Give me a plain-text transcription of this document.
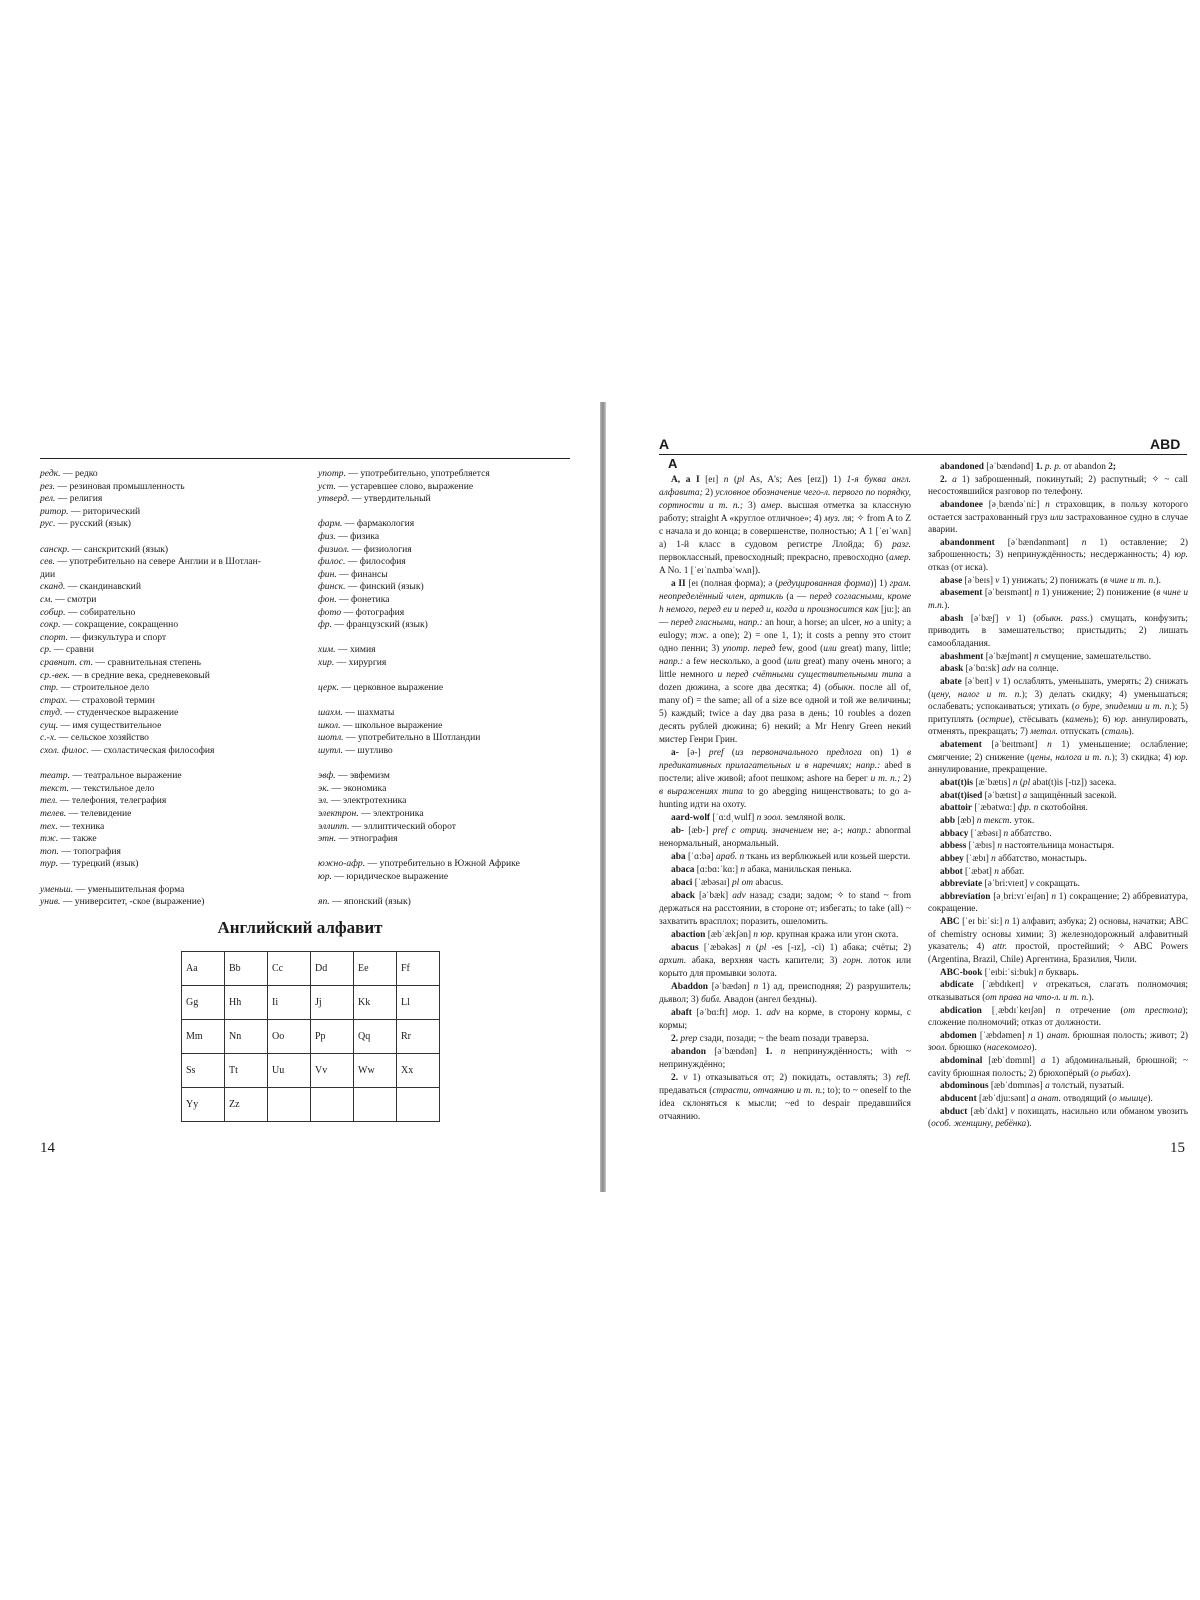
редк. — редко
рез. — резиновая промышленность
рел. — религия
ритор. — риторический
рус. — русский (язык)
санскр. — санскритский (язык)
сев. — употребительно на севере Англии и в Шотлан-
дии
сканд. — скандинавский
см. — смотри
собир. — собирательно
сокр. — сокращение, сокращенно
спорт. — физкультура и спорт
ср. — сравни
сравнит. ст. — сравнительная степень
ср.-век. — в средние века, средневековый
стр. — строительное дело
страх. — страховой термин
студ. — студенческое выражение
сущ. — имя существительное
с.-х. — сельское хозяйство
схол. филос. — схоластическая философия
театр. — театральное выражение
текст. — текстильное дело
тел. — телефония, телеграфия
телев. — телевидение
тех. — техника
тж. — также
топ. — топография
тур. — турецкий (язык)
уменьш. — уменьшительная форма
унив. — университет, -ское (выражение)
употр. — употребительно, употребляется
уст. — устаревшее слово, выражение
утверд. — утвердительный
фарм. — фармакология
физ. — физика
физиол. — физиология
филос. — философия
фин. — финансы
финск. — финский (язык)
фон. — фонетика
фото — фотография
фр. — французский (язык)
хим. — химия
хир. — хирургия
церк. — церковное выражение
шахм. — шахматы
школ. — школьное выражение
шотл. — употребительно в Шотландии
шутл. — шутливо
эвф. — эвфемизм
эк. — экономика
эл. — электротехника
электрон. — электроника
эллипт. — эллиптический оборот
этн. — этнография
южно-афр. — употребительно в Южной Африке
юр. — юридическое выражение
яп. — японский (язык)
Английский алфавит
Aa	Bb	Cc	Dd	Ee	Ff
Gg	Hh	Ii	Jj	Kk	Ll
Mm	Nn	Oo	Pp	Qq	Rr
Ss	Tt	Uu	Vv	Ww	Xx
Yy	Zz				
14
A	ABD
A

A, a I [eɪ] n (pl As, A's; Aes [eɪz]) 1) 1-я буква англ. алфавита; 2) условное обозначение чего-л. первого по порядку, сортности и т. п.; 3) амер. высшая отметка за классную работу; straight A «круглое отличное»; 4) муз. ля; ✧ from A to Z с начала и до конца; в совершенстве, полностью; A 1 [ˈeɪˈwʌn] а) 1-й класс в судовом регистре Ллойда; б) разг. первоклассный, превосходный; прекрасно, превосходно (амер. A No. 1 [ˈeɪˈnʌmbəˈwʌn]).

a II [eɪ (полная форма); ə (редуцированная форма)] 1) грам. неопределённый член, артикль (a — перед согласными, кроме h немого, перед eu и перед u, когда u произносится как [ju:]; an — перед гласными, напр.: an hour, a horse; an ulcer, но a unity; a eulogy; тж. a one); 2) = one 1, 1); it costs a penny это стоит одно пенни; 3) употр. перед few, good (или great) many, little; напр.: a few несколько, a good (или great) many очень много; a little немного и перед счётными существительными типа a dozen дюжина, a score два десятка; 4) (обыкн. после all of, many of) = the same; all of a size все одной и той же величины; 5) каждый; twice a day два раза в день; 10 roubles a dozen десять рублей дюжина; 6) некий; a Mr Henry Green некий мистер Генри Грин.

a- [ə-] pref (из первоначального предлога on) 1) в предикативных прилагательных и в наречиях; напр.: abed в постели; alive живой; afoot пешком; ashore на берег и т. п.; 2) в выражениях типа to go abegging нищенствовать; to go a-hunting идти на охоту.

aard-wolf [ˈɑ:dˌwulf] n зоол. земляной волк.

ab- [æb-] pref с отриц. значением не; а-; напр.: abnormal ненормальный, анормальный.

aba [ˈɑ:bə] араб. n ткань из верблюжьей или козьей шерсти.

abaca [ɑ:bɑ:ˈkɑ:] n абака, манильская пенька.

abaci [ˈæbəsaɪ] pl от abacus.

aback [əˈbæk] adv назад; сзади; задом; ✧ to stand ~ from держаться на расстоянии, в стороне от; избегать; to take (all) ~ захватить врасплох; поразить, ошеломить.

abaction [æbˈækʃən] n юр. крупная кража или угон скота.

abacus [ˈæbəkəs] n (pl -es [-ɪz], -ci) 1) абака; счёты; 2) архит. абака, верхняя часть капители; 3) горн. лоток или корыто для промывки золота.

Abaddon [əˈbædən] n 1) ад, преисподняя; 2) разрушитель; дьявол; 3) библ. Авадон (ангел бездны).

abaft [əˈbɑ:ft] мор. 1. adv на корме, в сторону кормы, с кормы;

2. prep сзади, позади; ~ the beam позади траверза.

abandon [əˈbændən] 1. n непринуждённость; with ~ непринуждённо;

2. v 1) отказываться от; 2) покидать, оставлять; 3) refl. предаваться (страсти, отчаянию и т. п.; to); to ~ oneself to the idea склоняться к мысли; ~ed to despair предавшийся отчаянию.

abandoned [əˈbændənd] 1. p. p. от abandon 2;

2. a 1) заброшенный, покинутый; 2) распутный; ✧ ~ call несостоявшийся разговор по телефону.

abandonee [əˌbændəˈni:] n страховщик, в пользу которого остается застрахованный груз или застрахованное судно в случае аварии.

abandonment [əˈbændənmənt] n 1) оставление; 2) заброшенность; 3) непринуждённость; несдержанность; 4) юр. отказ (от иска).

abase [əˈbeɪs] v 1) унижать; 2) понижать (в чине и т. п.).

abasement [əˈbeɪsmənt] n 1) унижение; 2) понижение (в чине и т.п.).

abash [əˈbæʃ] v 1) (обыкн. pass.) смущать, конфузить; приводить в замешательство; пристыдить; 2) лишать самообладания.

abashment [əˈbæʃmənt] n смущение, замешательство.

abask [əˈbɑ:sk] adv на солнце.

abate [əˈbeɪt] v 1) ослаблять, уменьшать, умерять; 2) снижать (цену, налог и т. п.); 3) делать скидку; 4) уменьшаться; ослабевать; успокаиваться; утихать (о буре, эпидемии и т. п.); 5) притуплять (острие), стёсывать (камень); 6) юр. аннулировать, отменять, прекращать; 7) метал. отпускать (сталь).

abatement [əˈbeɪtmənt] n 1) уменьшение; ослабление; смягчение; 2) снижение (цены, налога и т. п.); 3) скидка; 4) юр. аннулирование, прекращение.

abat(t)is [æˈbætɪs] n (pl abat(t)is [-tɪz]) засека.

abat(t)ised [əˈbætɪst] a защищённый засекой.

abattoir [ˈæbətwɑ:] фр. n скотобойня.

abb [æb] n текст. уток.

abbacy [ˈæbəsɪ] n аббатство.

abbess [ˈæbɪs] n настоятельница монастыря.

abbey [ˈæbɪ] n аббатство, монастырь.

abbot [ˈæbət] n аббат.

abbreviate [əˈbri:vɪeɪt] v сокращать.

abbreviation [əˌbri:vɪˈeɪʃən] n 1) сокращение; 2) аббревиатура, сокращение.

ABC [ˈeɪ bi:ˈsi:] n 1) алфавит, азбука; 2) основы, начатки; ABC of chemistry основы химии; 3) железнодорожный алфавитный указатель; 4) attr. простой, простейший; ✧ ABC Powers (Argentina, Brazil, Chile) Аргентина, Бразилия, Чили.

ABC-book [ˈeɪbi:ˈsi:buk] n букварь.

abdicate [ˈæbdɪkeɪt] v отрекаться, слагать полномочия; отказываться (от права на что-л. и т. п.).

abdication [ˌæbdɪˈkeɪʃən] n отречение (от престола); сложение полномочий; отказ от должности.

abdomen [ˈæbdəmen] n 1) анат. брюшная полость; живот; 2) зоол. брюшко (насекомого).

abdominal [æbˈdɒmɪnl] a 1) абдоминальный, брюшной; ~ cavity брюшная полость; 2) брюхопёрый (о рыбах).

abdominous [æbˈdɒmɪnəs] a толстый, пузатый.

abducent [æbˈdju:sənt] a анат. отводящий (о мышце).

abduct [æbˈdʌkt] v похищать, насильно или обманом увозить (особ. женщину, ребёнка).

15
